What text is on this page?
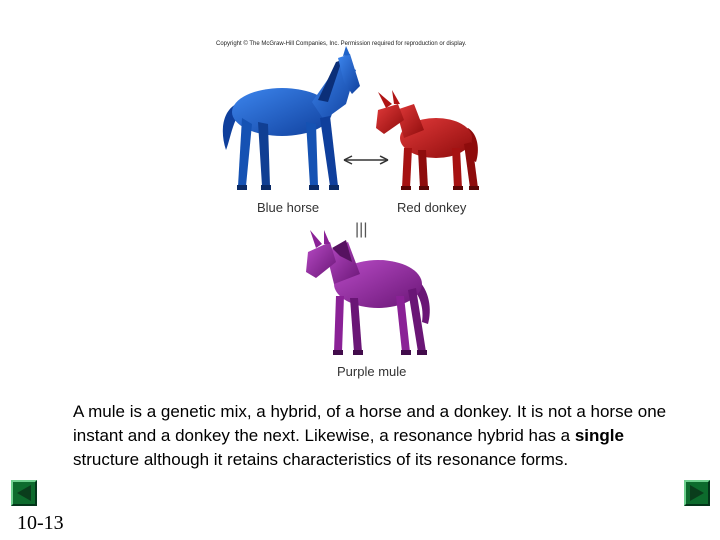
Copyright © The McGraw-Hill Companies, Inc. Permission required for reproduction or display.
Blue horse	Red donkey
|||
Purple mule
A mule is a genetic mix, a hybrid, of a horse and a donkey. It is not a horse one instant and a donkey the next. Likewise, a resonance hybrid has a single structure although it retains characteristics of its resonance forms.
10-13
